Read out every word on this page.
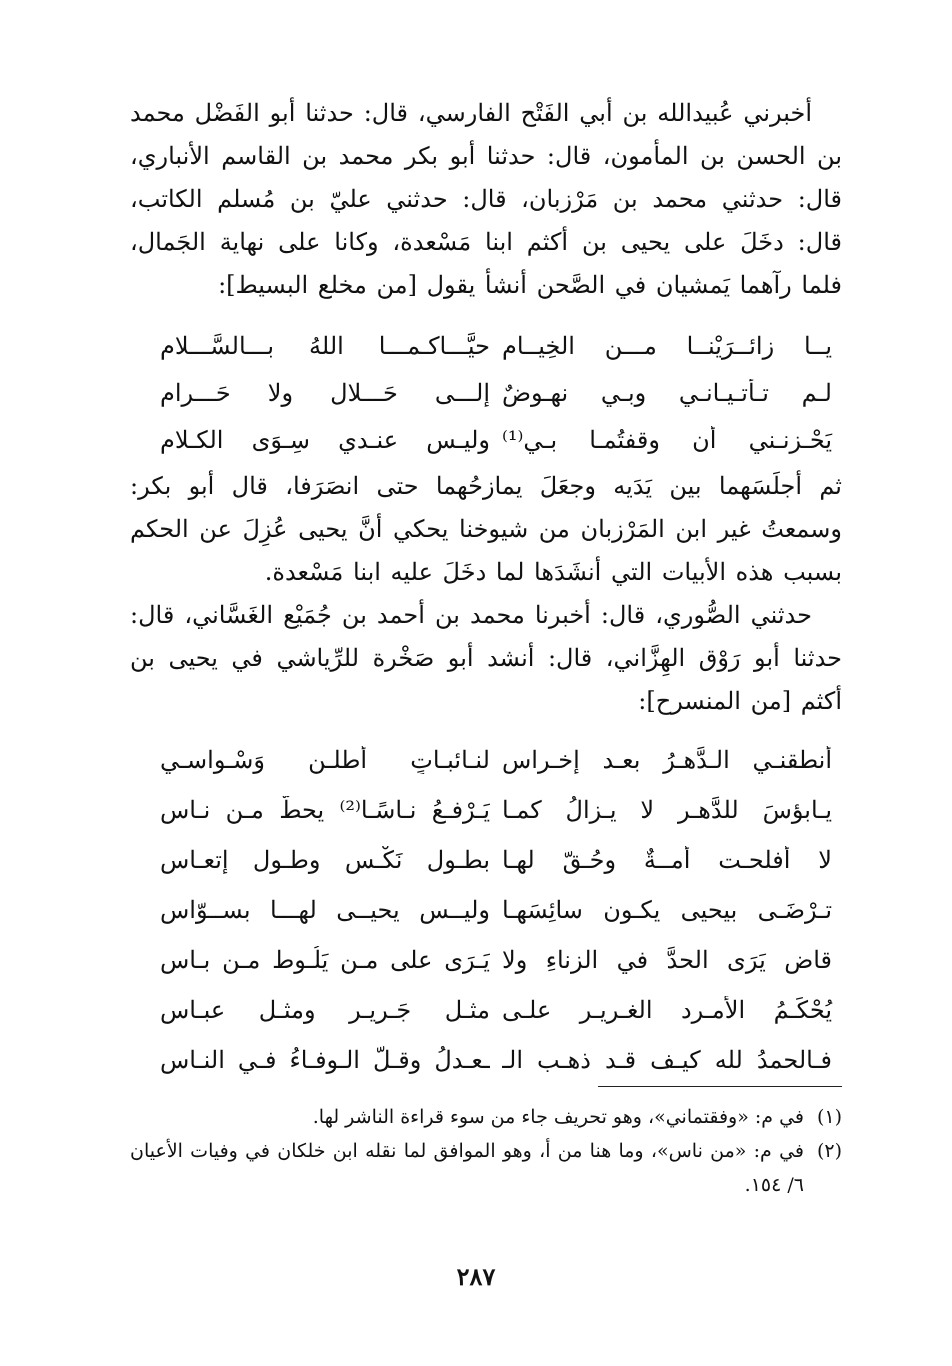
أخبرني عُبيدالله بن أبي الفَتْح الفارسي، قال: حدثنا أبو الفَضْل محمد بن الحسن بن المأمون، قال: حدثنا أبو بكر محمد بن القاسم الأنباري، قال: حدثني محمد بن مَرْزبان، قال: حدثني عليّ بن مُسلم الكاتب، قال: دخَلَ على يحيى بن أكثم ابنا مَسْعدة، وكانا على نهاية الجَمال، فلما رآهما يَمشيان في الصَّحن أنشأ يقول [من مخلع البسيط]:

يــا زائــرَيْنــا مـــن الخِيــام
حيَّـــاكـمـــا اللهُ بـــالسَّـــلامِ
لـم تـأتـيـانـي وبـي نهـوضٌ
إلـــى حَـــلال ولا حَـــرام
يَحْـزنـني أن وقفتُمـا بـي⁽¹⁾
وليـس عنـدي سِـوَى الكـلام

ثم أجلَسَهما بين يَدَيه وجعَلَ يمازحُهما حتى انصَرَفا، قال أبو بكر: وسمعتُ غير ابن المَرْزبان من شيوخنا يحكي أنَّ يحيى عُزِلَ عن الحكم بسبب هذه الأبيات التي أنشَدَها لما دخَلَ عليه ابنا مَسْعدة.

حدثني الصُّوري، قال: أخبرنا محمد بن أحمد بن جُمَيْع الغَسَّاني، قال: حدثنا أبو رَوْق الهِزَّاني، قال: أنشد أبو صَخْرة للرِّياشي في يحيى بن أكثم [من المنسرح]:

أنطقنـي الـدَّهـرُ بعـد إخـراس
لنـائبـاتٍ أطلـن وَسْـواسـي
يـابؤسَ للدَّهـرِ لا يـزالُ كمـا
يَـرْفـعُ نـاسًـا⁽²⁾ يحطّ مـن نـاسِ
لا أفلحـت أمــةٌ وحُـقّ لهـا
بطـولِ نَكْـسٍ وطـول إتعـاسِ
تـرْضَـى بيحيى يكـون سائِسَهـا
وليــس يحيــى لهـــا بســوّاسِ
قاضٍ يَرَى الحدَّ في الزناءِ ولا
يَـرَى على مـن يَلُـوط مـن بـاسِ
يُحْكَـمُ الأمـرد الغـريـر علـى
مثـل جَـريـر ومثـل عبـاسِ
فـالحمدُ لله كيـف قـد ذهـب الـ
ـعـدلُ وقـلّ الـوفـاءُ فـي النـاسِ
(١)
في م: «وفقتماني»، وهو تحريف جاء من سوء قراءة الناشر لها.
(٢)
في م: «من ناس»، وما هنا من أ، وهو الموافق لما نقله ابن خلكان في وفيات الأعيان ٦/ ١٥٤.
٢٨٧
